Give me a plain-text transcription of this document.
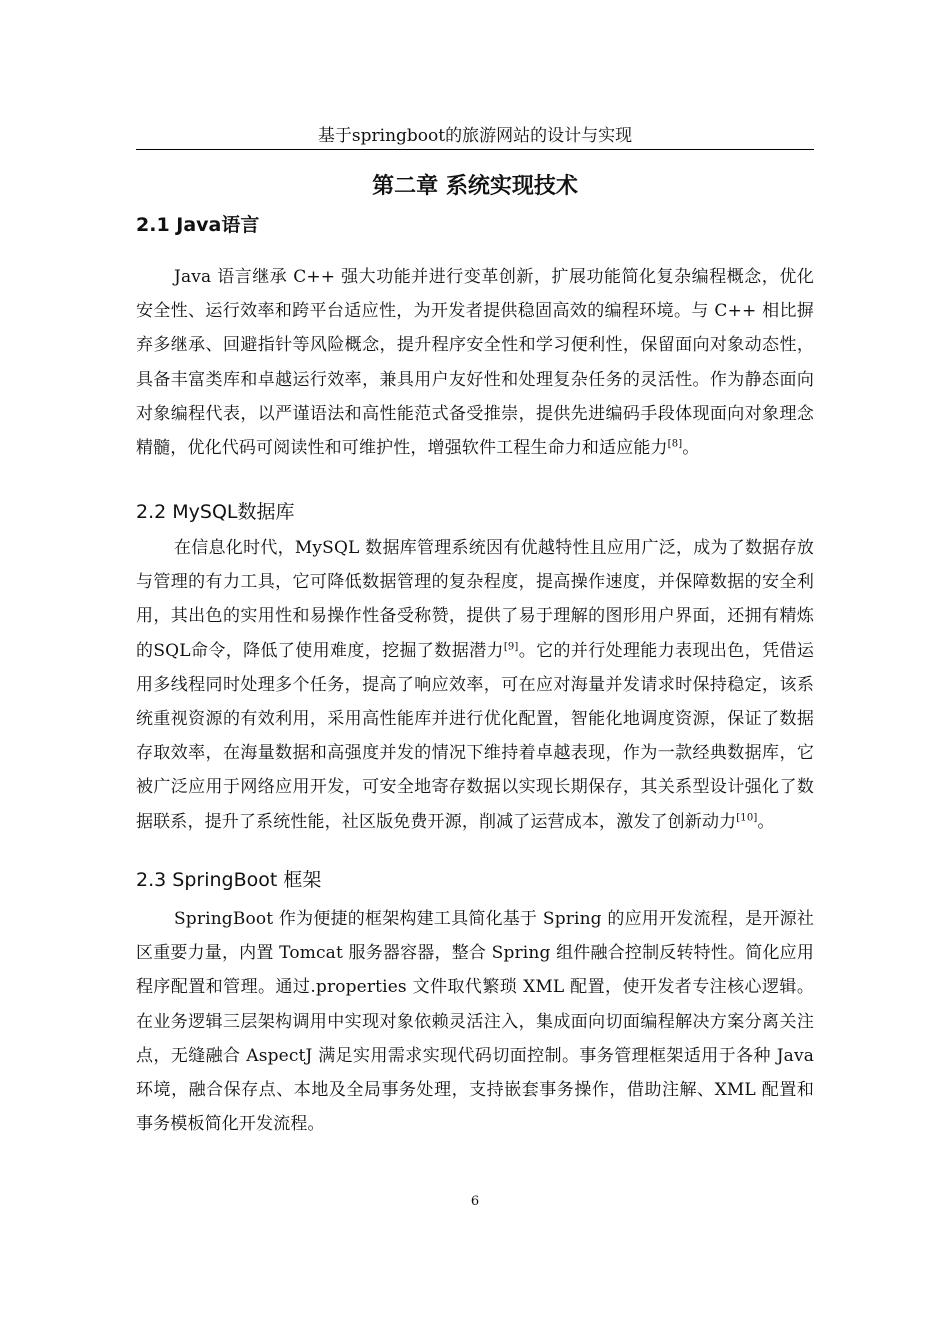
基于springboot的旅游网站的设计与实现
第二章 系统实现技术
2.1 Java语言
Java 语言继承 C++ 强大功能并进行变革创新，扩展功能简化复杂编程概念，优化安全性、运行效率和跨平台适应性，为开发者提供稳固高效的编程环境。与 C++ 相比摒弃多继承、回避指针等风险概念，提升程序安全性和学习便利性，保留面向对象动态性，具备丰富类库和卓越运行效率，兼具用户友好性和处理复杂任务的灵活性。作为静态面向对象编程代表，以严谨语法和高性能范式备受推崇，提供先进编码手段体现面向对象理念精髓，优化代码可阅读性和可维护性，增强软件工程生命力和适应能力[8]。
2.2 MySQL数据库
在信息化时代，MySQL 数据库管理系统因有优越特性且应用广泛，成为了数据存放与管理的有力工具，它可降低数据管理的复杂程度，提高操作速度，并保障数据的安全利用，其出色的实用性和易操作性备受称赞，提供了易于理解的图形用户界面，还拥有精炼的SQL命令，降低了使用难度，挖掘了数据潜力[9]。它的并行处理能力表现出色，凭借运用多线程同时处理多个任务，提高了响应效率，可在应对海量并发请求时保持稳定，该系统重视资源的有效利用，采用高性能库并进行优化配置，智能化地调度资源，保证了数据存取效率，在海量数据和高强度并发的情况下维持着卓越表现，作为一款经典数据库，它被广泛应用于网络应用开发，可安全地寄存数据以实现长期保存，其关系型设计强化了数据联系，提升了系统性能，社区版免费开源，削减了运营成本，激发了创新动力[10]。
2.3 SpringBoot 框架
SpringBoot 作为便捷的框架构建工具简化基于 Spring 的应用开发流程，是开源社区重要力量，内置 Tomcat 服务器容器，整合 Spring 组件融合控制反转特性。简化应用程序配置和管理。通过.properties 文件取代繁琐 XML 配置，使开发者专注核心逻辑。在业务逻辑三层架构调用中实现对象依赖灵活注入，集成面向切面编程解决方案分离关注点，无缝融合 AspectJ 满足实用需求实现代码切面控制。事务管理框架适用于各种 Java 环境，融合保存点、本地及全局事务处理，支持嵌套事务操作，借助注解、XML 配置和事务模板简化开发流程。
6
